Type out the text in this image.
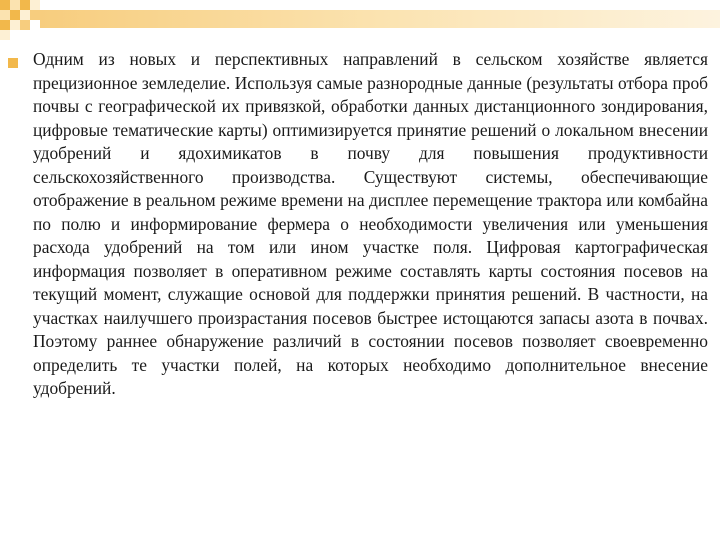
Одним из новых и перспективных направлений в сельском хозяйстве является прецизионное земледелие. Используя самые разнородные данные (результаты отбора проб почвы с географической их привязкой, обработки данных дистанционного зондирования, цифровые тематические карты) оптимизируется принятие решений о локальном внесении удобрений и ядохимикатов в почву для повышения продуктивности сельскохозяйственного производства. Существуют системы, обеспечивающие отображение в реальном режиме времени на дисплее перемещение трактора или комбайна по полю и информирование фермера о необходимости увеличения или уменьшения расхода удобрений на том или ином участке поля. Цифровая картографическая информация позволяет в оперативном режиме составлять карты состояния посевов на текущий момент, служащие основой для поддержки принятия решений. В частности, на участках наилучшего произрастания посевов быстрее истощаются запасы азота в почвах. Поэтому раннее обнаружение различий в состоянии посевов позволяет своевременно определить те участки полей, на которых необходимо дополнительное внесение удобрений.
